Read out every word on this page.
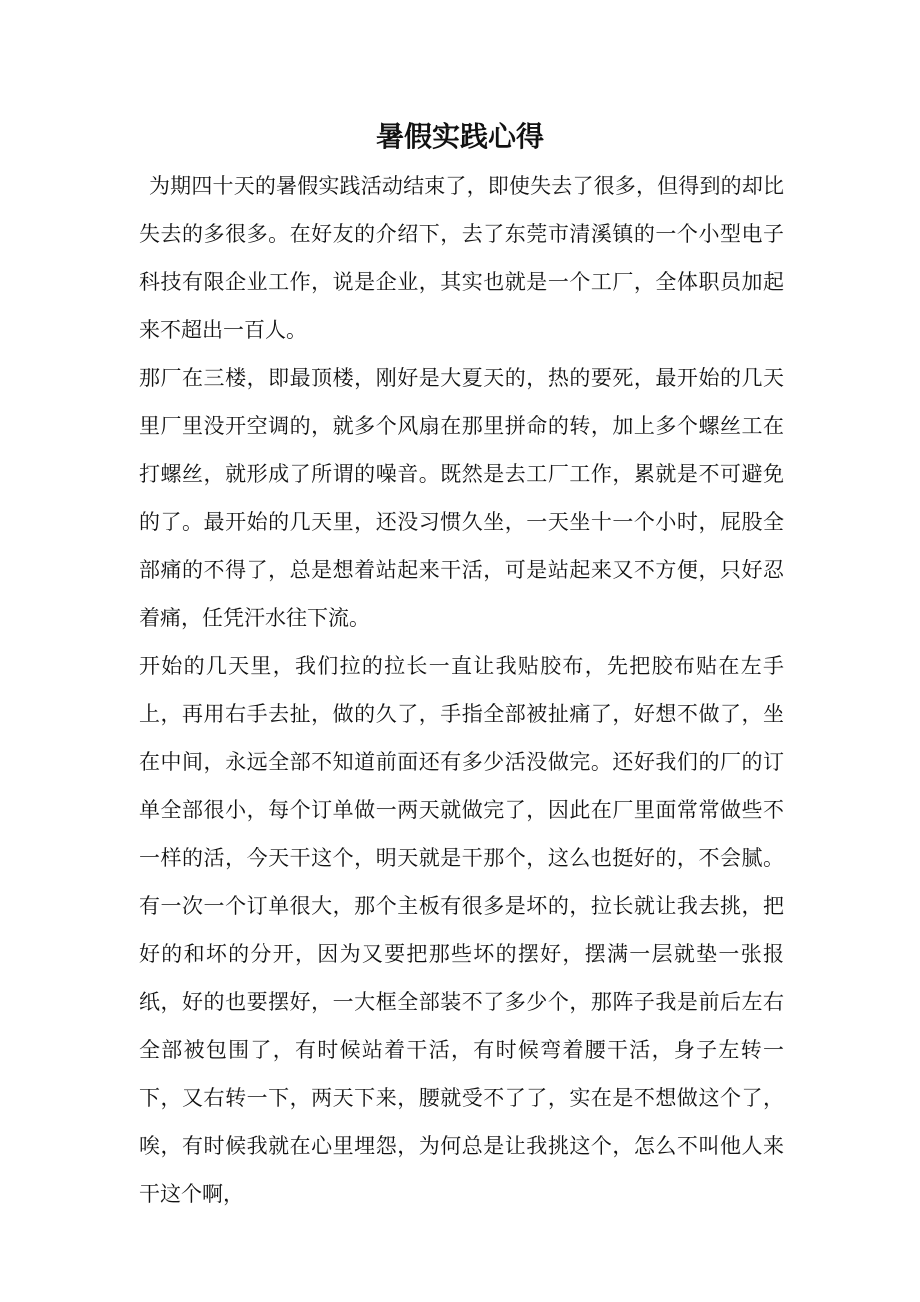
暑假实践心得

为期四十天的暑假实践活动结束了，即使失去了很多，但得到的却比失去的多很多。在好友的介绍下，去了东莞市清溪镇的一个小型电子科技有限企业工作，说是企业，其实也就是一个工厂，全体职员加起来不超出一百人。

那厂在三楼，即最顶楼，刚好是大夏天的，热的要死，最开始的几天里厂里没开空调的，就多个风扇在那里拼命的转，加上多个螺丝工在打螺丝，就形成了所谓的噪音。既然是去工厂工作，累就是不可避免的了。最开始的几天里，还没习惯久坐，一天坐十一个小时，屁股全部痛的不得了，总是想着站起来干活，可是站起来又不方便，只好忍着痛，任凭汗水往下流。

开始的几天里，我们拉的拉长一直让我贴胶布，先把胶布贴在左手上，再用右手去扯，做的久了，手指全部被扯痛了，好想不做了，坐在中间，永远全部不知道前面还有多少活没做完。还好我们的厂的订单全部很小，每个订单做一两天就做完了，因此在厂里面常常做些不一样的活，今天干这个，明天就是干那个，这么也挺好的，不会腻。有一次一个订单很大，那个主板有很多是坏的，拉长就让我去挑，把好的和坏的分开，因为又要把那些坏的摆好，摆满一层就垫一张报纸，好的也要摆好，一大框全部装不了多少个，那阵子我是前后左右全部被包围了，有时候站着干活，有时候弯着腰干活，身子左转一下，又右转一下，两天下来，腰就受不了了，实在是不想做这个了，唉，有时候我就在心里埋怨，为何总是让我挑这个，怎么不叫他人来干这个啊，
